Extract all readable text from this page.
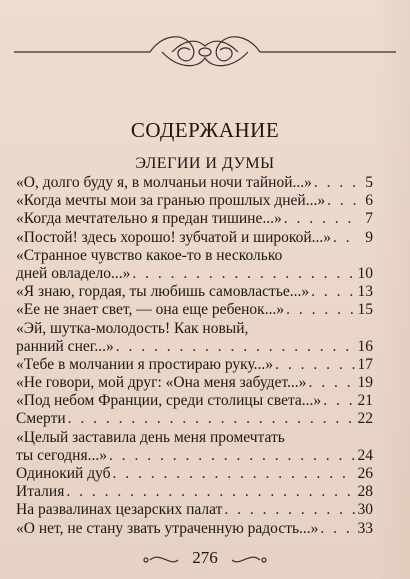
СОДЕРЖАНИЕ
ЭЛЕГИИ И ДУМЫ
«О, долго буду я, в молчаньи ночи тайной...» . . .	5
«Когда мечты мои за гранью прошлых дней...» . . .	6
«Когда мечтательно я предан тишине...» . . .	7
«Постой! здесь хорошо! зубчатой и широкой...» . . . 9
«Странное чувство какое-то в несколько
дней овладело...» . . .	10
«Я знаю, гордая, ты любишь самовластье...» . . .	13
«Ее не знает свет, — она еще ребенок...» . . .	15
«Эй, шутка-молодость! Как новый,
ранний снег...» . . .	16
«Тебе в молчании я простираю руку...» . . .	17
«Не говори, мой друг: «Она меня забудет...» . . .	19
«Под небом Франции, среди столицы света...» . . . 21
Смерти . . .	22
«Целый заставила день меня промечтать
ты сегодня...» . . .	24
Одинокий дуб . . .	26
Италия . . .	28
На развалинах цезарских палат . . .	30
«О нет, не стану звать утраченную радость...» . . .	33
276
